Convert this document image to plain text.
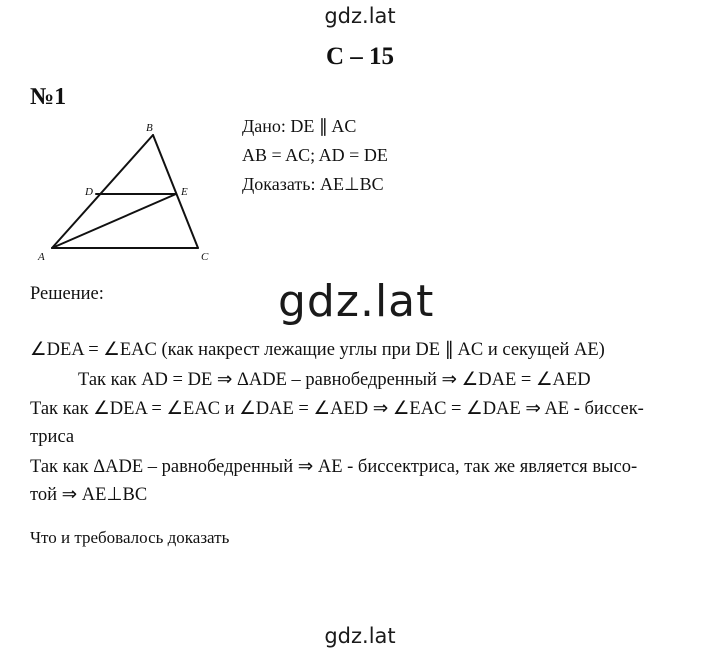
gdz.lat
С – 15
№1
B
D	E
A	C
Дано: DE ∥ AC
AB = AC; AD = DE
Доказать: AE⊥BC
Решение:	gdz.lat
∠DEA = ∠EAC (как накрест лежащие углы при DE ∥ AC и секущей AE)
Так как AD = DE ⇒ ΔADE – равнобедренный ⇒ ∠DAE = ∠AED
Так как ∠DEA = ∠EAC и ∠DAE = ∠AED ⇒ ∠EAC = ∠DAE ⇒ AE - биссек-
триса
Так как ΔADE – равнобедренный ⇒ AE - биссектриса, так же является высо-
той ⇒ AE⊥BC
Что и требовалось доказать
gdz.lat
